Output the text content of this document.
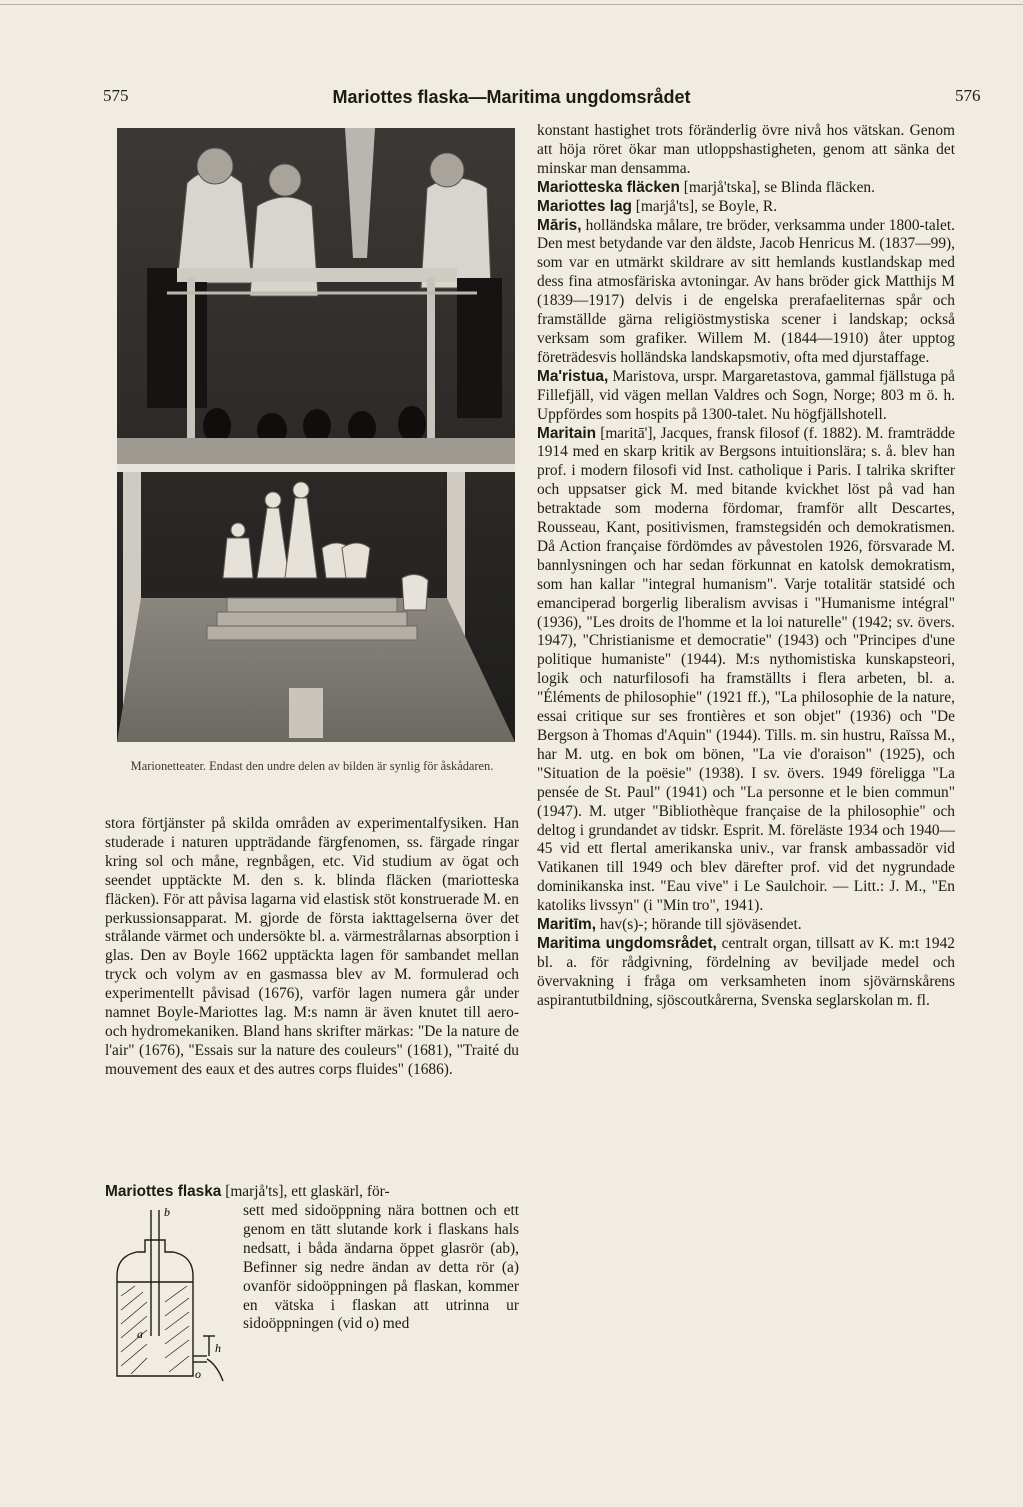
575	Mariottes flaska—Maritima ungdomsrådet	576
Marionetteater. Endast den undre delen av bilden är synlig för åskådaren.

stora förtjänster på skilda områden av experimentalfysiken. Han studerade i naturen uppträdande färgfenomen, ss. färgade ringar kring sol och måne, regnbågen, etc. Vid studium av ögat och seendet upptäckte M. den s. k. blinda fläcken (mariotteska fläcken). För att påvisa lagarna vid elastisk stöt konstruerade M. en perkussionsapparat. M. gjorde de första iakttagelserna över det strålande värmet och undersökte bl. a. värmestrålarnas absorption i glas. Den av Boyle 1662 upptäckta lagen för sambandet mellan tryck och volym av en gasmassa blev av M. formulerad och experimentellt påvisad (1676), varför lagen numera går under namnet Boyle-Mariottes lag. M:s namn är även knutet till aero- och hydromekaniken. Bland hans skrifter märkas: "De la nature de l'air" (1676), "Essais sur la nature des couleurs" (1681), "Traité du mouvement des eaux et des autres corps fluides" (1686).

Mariottes flaska [marjå'ts], ett glaskärl, för-
b
a
h
o
sett med sidoöppning nära bottnen och ett genom en tätt slutande kork i flaskans hals nedsatt, i båda ändarna öppet glasrör (ab), Befinner sig nedre ändan av detta rör (a) ovanför sidoöppningen på flaskan, kommer en vätska i flaskan att utrinna ur sidoöppningen (vid o) med

konstant hastighet trots föränderlig övre nivå hos vätskan. Genom att höja röret ökar man utloppshastigheten, genom att sänka det minskar man densamma.

Mariotteska fläcken [marjå'tska], se Blinda fläcken.

Mariottes lag [marjå'ts], se Boyle, R.

Māris, holländska målare, tre bröder, verksamma under 1800-talet. Den mest betydande var den äldste, Jacob Henricus M. (1837—99), som var en utmärkt skildrare av sitt hemlands kustlandskap med dess fina atmosfäriska avtoningar. Av hans bröder gick Matthijs M (1839—1917) delvis i de engelska prerafaeliternas spår och framställde gärna religiöstmystiska scener i landskap; också verksam som grafiker. Willem M. (1844—1910) åter upptog företrädesvis holländska landskapsmotiv, ofta med djurstaffage.

Ma'ristua, Maristova, urspr. Margaretastova, gammal fjällstuga på Fillefjäll, vid vägen mellan Valdres och Sogn, Norge; 803 m ö. h. Uppfördes som hospits på 1300-talet. Nu högfjällshotell.

Maritain [maritā'], Jacques, fransk filosof (f. 1882). M. framträdde 1914 med en skarp kritik av Bergsons intuitionslära; s. å. blev han prof. i modern filosofi vid Inst. catholique i Paris. I talrika skrifter och uppsatser gick M. med bitande kvickhet löst på vad han betraktade som moderna fördomar, framför allt Descartes, Rousseau, Kant, positivismen, framstegsidén och demokratismen. Då Action française fördömdes av påvestolen 1926, försvarade M. bannlysningen och har sedan förkunnat en katolsk demokratism, som han kallar "integral humanism". Varje totalitär statsidé och emanciperad borgerlig liberalism avvisas i "Humanisme intégral" (1936), "Les droits de l'homme et la loi naturelle" (1942; sv. övers. 1947), "Christianisme et democratie" (1943) och "Principes d'une politique humaniste" (1944). M:s nythomistiska kunskapsteori, logik och naturfilosofi ha framställts i flera arbeten, bl. a. "Éléments de philosophie" (1921 ff.), "La philosophie de la nature, essai critique sur ses frontières et son objet" (1936) och "De Bergson à Thomas d'Aquin" (1944). Tills. m. sin hustru, Raïssa M., har M. utg. en bok om bönen, "La vie d'oraison" (1925), och "Situation de la poësie" (1938). I sv. övers. 1949 föreligga "La pensée de St. Paul" (1941) och "La personne et le bien commun" (1947). M. utger "Bibliothèque française de la philosophie" och deltog i grundandet av tidskr. Esprit. M. föreläste 1934 och 1940—45 vid ett flertal amerikanska univ., var fransk ambassadör vid Vatikanen till 1949 och blev därefter prof. vid det nygrundade dominikanska inst. "Eau vive" i Le Saulchoir. — Litt.: J. M., "En katoliks livssyn" (i "Min tro", 1941).

Maritīm, hav(s)-; hörande till sjöväsendet.

Maritima ungdomsrådet, centralt organ, tillsatt av K. m:t 1942 bl. a. för rådgivning, fördelning av beviljade medel och övervakning i fråga om verksamheten inom sjövärnskårens aspirantutbildning, sjöscoutkårerna, Svenska seglarskolan m. fl.
